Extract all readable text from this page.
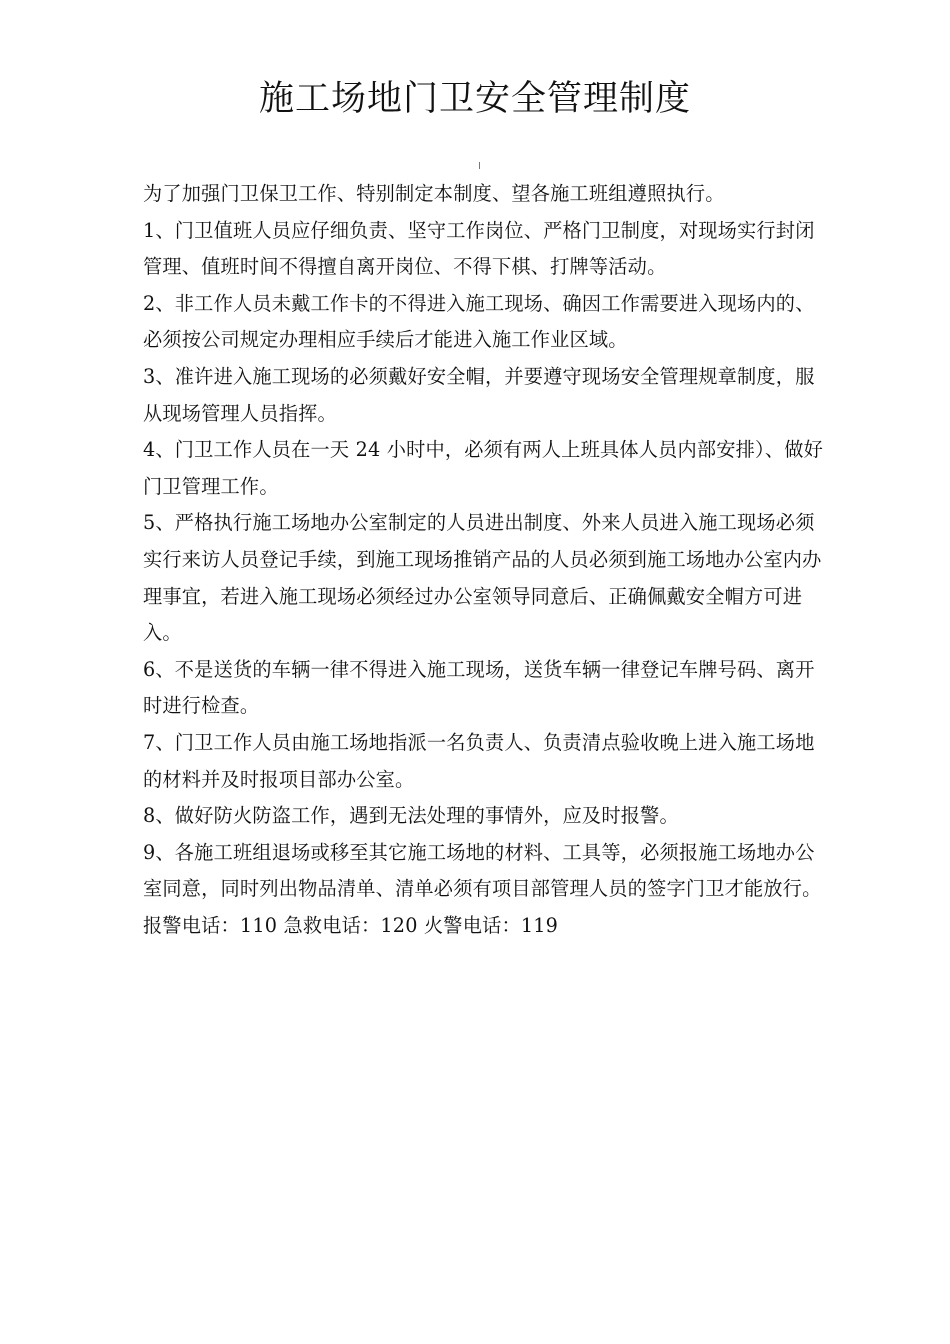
施工场地门卫安全管理制度

为了加强门卫保卫工作、特别制定本制度、望各施工班组遵照执行。

1、门卫值班人员应仔细负责、坚守工作岗位、严格门卫制度，对现场实行封闭管理、值班时间不得擅自离开岗位、不得下棋、打牌等活动。

2、非工作人员未戴工作卡的不得进入施工现场、确因工作需要进入现场内的、必须按公司规定办理相应手续后才能进入施工作业区域。

3、准许进入施工现场的必须戴好安全帽，并要遵守现场安全管理规章制度，服从现场管理人员指挥。

4、门卫工作人员在一天 24 小时中，必须有两人上班具体人员内部安排）、做好门卫管理工作。

5、严格执行施工场地办公室制定的人员进出制度、外来人员进入施工现场必须实行来访人员登记手续，到施工现场推销产品的人员必须到施工场地办公室内办理事宜，若进入施工现场必须经过办公室领导同意后、正确佩戴安全帽方可进入。

6、不是送货的车辆一律不得进入施工现场，送货车辆一律登记车牌号码、离开时进行检查。

7、门卫工作人员由施工场地指派一名负责人、负责清点验收晚上进入施工场地的材料并及时报项目部办公室。

8、做好防火防盗工作，遇到无法处理的事情外，应及时报警。

9、各施工班组退场或移至其它施工场地的材料、工具等，必须报施工场地办公室同意，同时列出物品清单、清单必须有项目部管理人员的签字门卫才能放行。

报警电话：110 急救电话：120 火警电话：119
